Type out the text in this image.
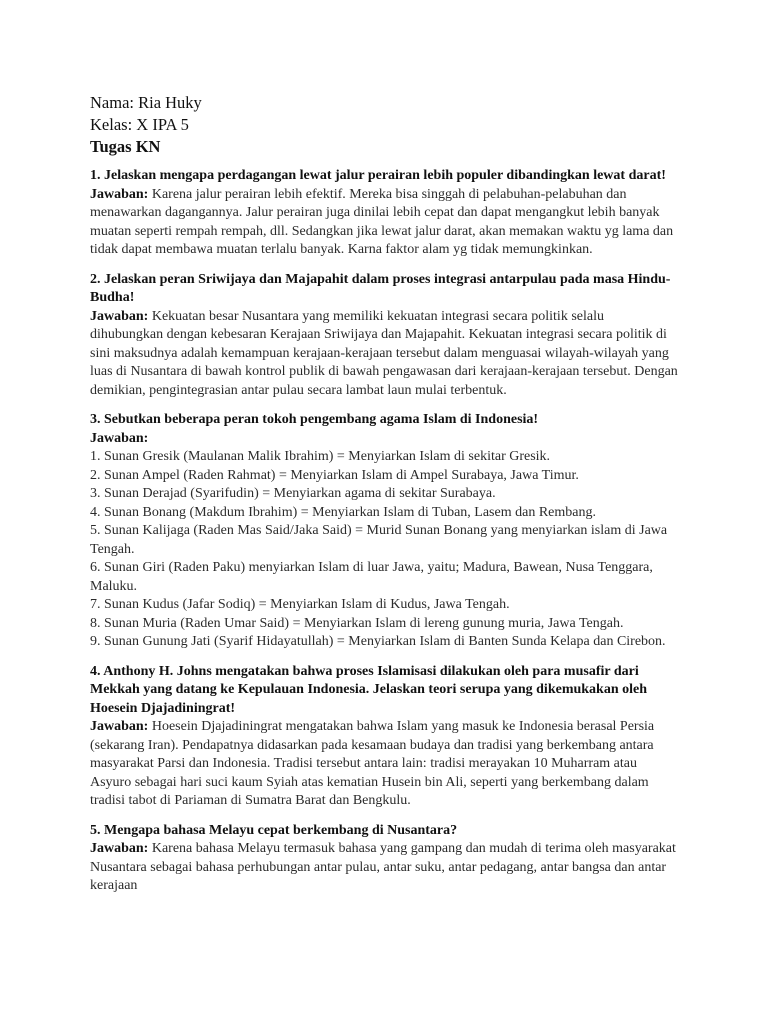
Nama: Ria Huky
Kelas: X IPA 5
Tugas KN
1. Jelaskan mengapa perdagangan lewat jalur perairan lebih populer dibandingkan lewat darat!
Jawaban: Karena jalur perairan lebih efektif. Mereka bisa singgah di pelabuhan-pelabuhan dan menawarkan dagangannya. Jalur perairan juga dinilai lebih cepat dan dapat mengangkut lebih banyak muatan seperti rempah rempah, dll. Sedangkan jika lewat jalur darat, akan memakan waktu yg lama dan tidak dapat membawa muatan terlalu banyak. Karna faktor alam yg tidak memungkinkan.
2. Jelaskan peran Sriwijaya dan Majapahit dalam proses integrasi antarpulau pada masa Hindu-Budha!
Jawaban: Kekuatan besar Nusantara yang memiliki kekuatan integrasi secara politik selalu dihubungkan dengan kebesaran Kerajaan Sriwijaya dan Majapahit. Kekuatan integrasi secara politik di sini maksudnya adalah kemampuan kerajaan-kerajaan tersebut dalam menguasai wilayah-wilayah yang luas di Nusantara di bawah kontrol publik di bawah pengawasan dari kerajaan-kerajaan tersebut. Dengan demikian, pengintegrasian antar pulau secara lambat laun mulai terbentuk.
3. Sebutkan beberapa peran tokoh pengembang agama Islam di Indonesia!
Jawaban:
1. Sunan Gresik (Maulanan Malik Ibrahim) = Menyiarkan Islam di sekitar Gresik.
2. Sunan Ampel (Raden Rahmat) = Menyiarkan Islam di Ampel Surabaya, Jawa Timur.
3. Sunan Derajad (Syarifudin) = Menyiarkan agama di sekitar Surabaya.
4. Sunan Bonang (Makdum Ibrahim) = Menyiarkan Islam di Tuban, Lasem dan Rembang.
5. Sunan Kalijaga (Raden Mas Said/Jaka Said) = Murid Sunan Bonang yang menyiarkan islam di Jawa Tengah.
6. Sunan Giri (Raden Paku) menyiarkan Islam di luar Jawa, yaitu; Madura, Bawean, Nusa Tenggara, Maluku.
7. Sunan Kudus (Jafar Sodiq) = Menyiarkan Islam di Kudus, Jawa Tengah.
8. Sunan Muria (Raden Umar Said) = Menyiarkan Islam di lereng gunung muria, Jawa Tengah.
9. Sunan Gunung Jati (Syarif Hidayatullah) = Menyiarkan Islam di Banten Sunda Kelapa dan Cirebon.
4. Anthony H. Johns mengatakan bahwa proses Islamisasi dilakukan oleh para musafir dari Mekkah yang datang ke Kepulauan Indonesia. Jelaskan teori serupa yang dikemukakan oleh Hoesein Djajadiningrat!
Jawaban: Hoesein Djajadiningrat mengatakan bahwa Islam yang masuk ke Indonesia berasal Persia (sekarang Iran). Pendapatnya didasarkan pada kesamaan budaya dan tradisi yang berkembang antara masyarakat Parsi dan Indonesia. Tradisi tersebut antara lain: tradisi merayakan 10 Muharram atau Asyuro sebagai hari suci kaum Syiah atas kematian Husein bin Ali, seperti yang berkembang dalam tradisi tabot di Pariaman di Sumatra Barat dan Bengkulu.
5. Mengapa bahasa Melayu cepat berkembang di Nusantara?
Jawaban: Karena bahasa Melayu termasuk bahasa yang gampang dan mudah di terima oleh masyarakat Nusantara sebagai bahasa perhubungan antar pulau, antar suku, antar pedagang, antar bangsa dan antar kerajaan
